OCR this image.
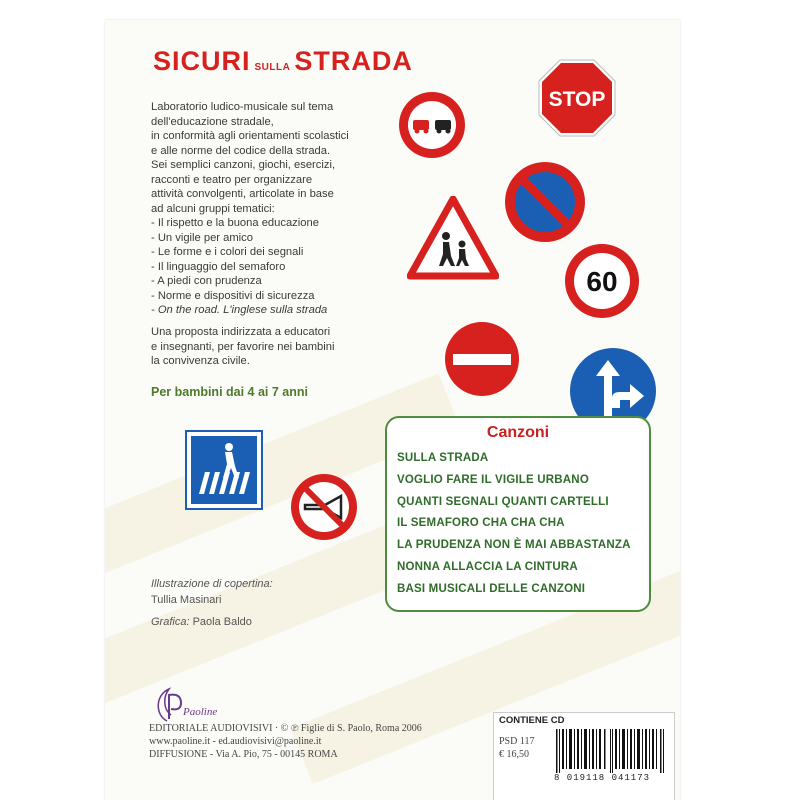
SICURI SULLA STRADA
Laboratorio ludico-musicale sul tema
dell'educazione stradale,
in conformità agli orientamenti scolastici
e alle norme del codice della strada.
Sei semplici canzoni, giochi, esercizi,
racconti e teatro per organizzare
attività convolgenti, articolate in base
ad alcuni gruppi tematici:
- Il rispetto e la buona educazione
- Un vigile per amico
- Le forme e i colori dei segnali
- Il linguaggio del semaforo
- A piedi con prudenza
- Norme e dispositivi di sicurezza
- On the road. L'inglese sulla strada
Una proposta indirizzata a educatori
e insegnanti, per favorire nei bambini
la convivenza civile.
Per bambini dai 4 ai 7 anni
STOP
60
Canzoni
SULLA STRADA
VOGLIO FARE IL VIGILE URBANO
QUANTI SEGNALI QUANTI CARTELLI
IL SEMAFORO CHA CHA CHA
LA PRUDENZA NON È MAI ABBASTANZA
NONNA ALLACCIA LA CINTURA
BASI MUSICALI DELLE CANZONI
Illustrazione di copertina:
Tullia Masinari
Grafica: Paola Baldo
Paoline
EDITORIALE AUDIOVISIVI · © ℗ Figlie di S. Paolo, Roma 2006
www.paoline.it - ed.audiovisivi@paoline.it
DIFFUSIONE - Via A. Pio, 75 - 00145 ROMA
CONTIENE CD
PSD 117
€ 16,50
8 019118 041173
